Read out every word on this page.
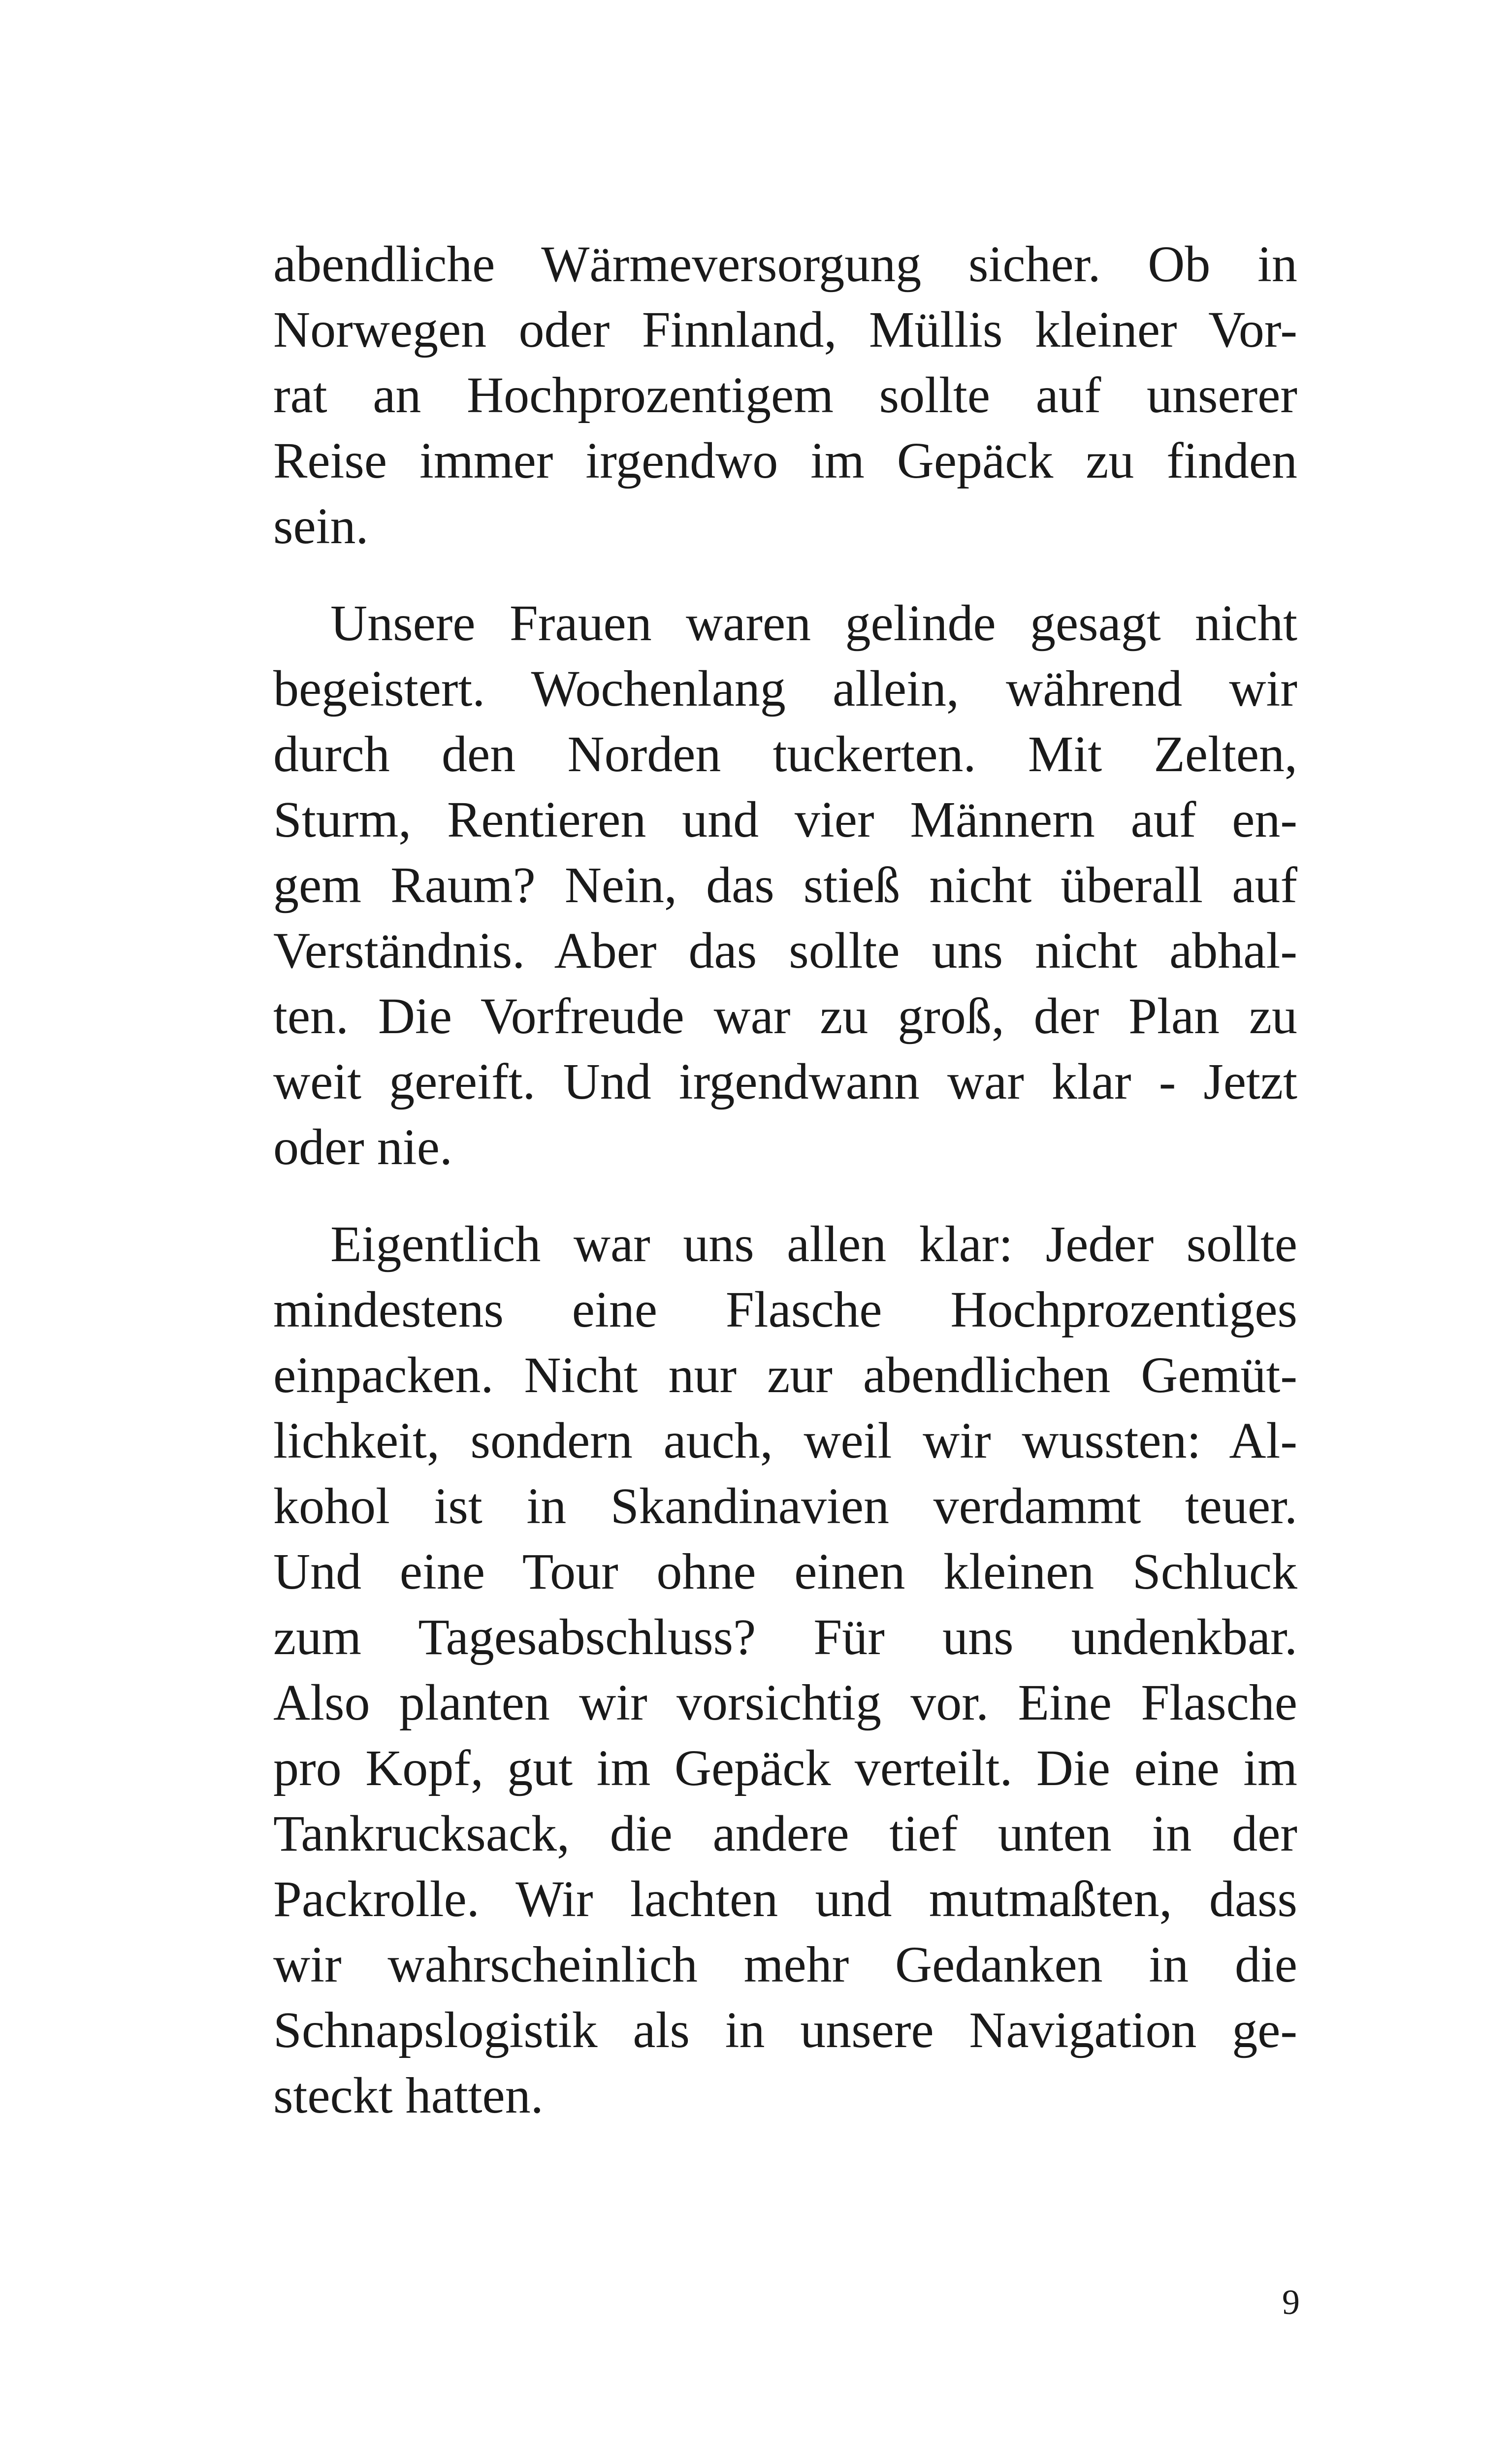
abendliche Wärmeversorgung sicher. Ob in
Norwegen oder Finnland, Müllis kleiner Vor-
rat an Hochprozentigem sollte auf unserer
Reise immer irgendwo im Gepäck zu finden
sein.

Unsere Frauen waren gelinde gesagt nicht
begeistert. Wochenlang allein, während wir
durch den Norden tuckerten. Mit Zelten,
Sturm, Rentieren und vier Männern auf en-
gem Raum? Nein, das stieß nicht überall auf
Verständnis. Aber das sollte uns nicht abhal-
ten. Die Vorfreude war zu groß, der Plan zu
weit gereift. Und irgendwann war klar - Jetzt
oder nie.

Eigentlich war uns allen klar: Jeder sollte
mindestens eine Flasche Hochprozentiges
einpacken. Nicht nur zur abendlichen Gemüt-
lichkeit, sondern auch, weil wir wussten: Al-
kohol ist in Skandinavien verdammt teuer.
Und eine Tour ohne einen kleinen Schluck
zum Tagesabschluss? Für uns undenkbar.
Also planten wir vorsichtig vor. Eine Flasche
pro Kopf, gut im Gepäck verteilt. Die eine im
Tankrucksack, die andere tief unten in der
Packrolle. Wir lachten und mutmaßten, dass
wir wahrscheinlich mehr Gedanken in die
Schnapslogistik als in unsere Navigation ge-
steckt hatten.

9
